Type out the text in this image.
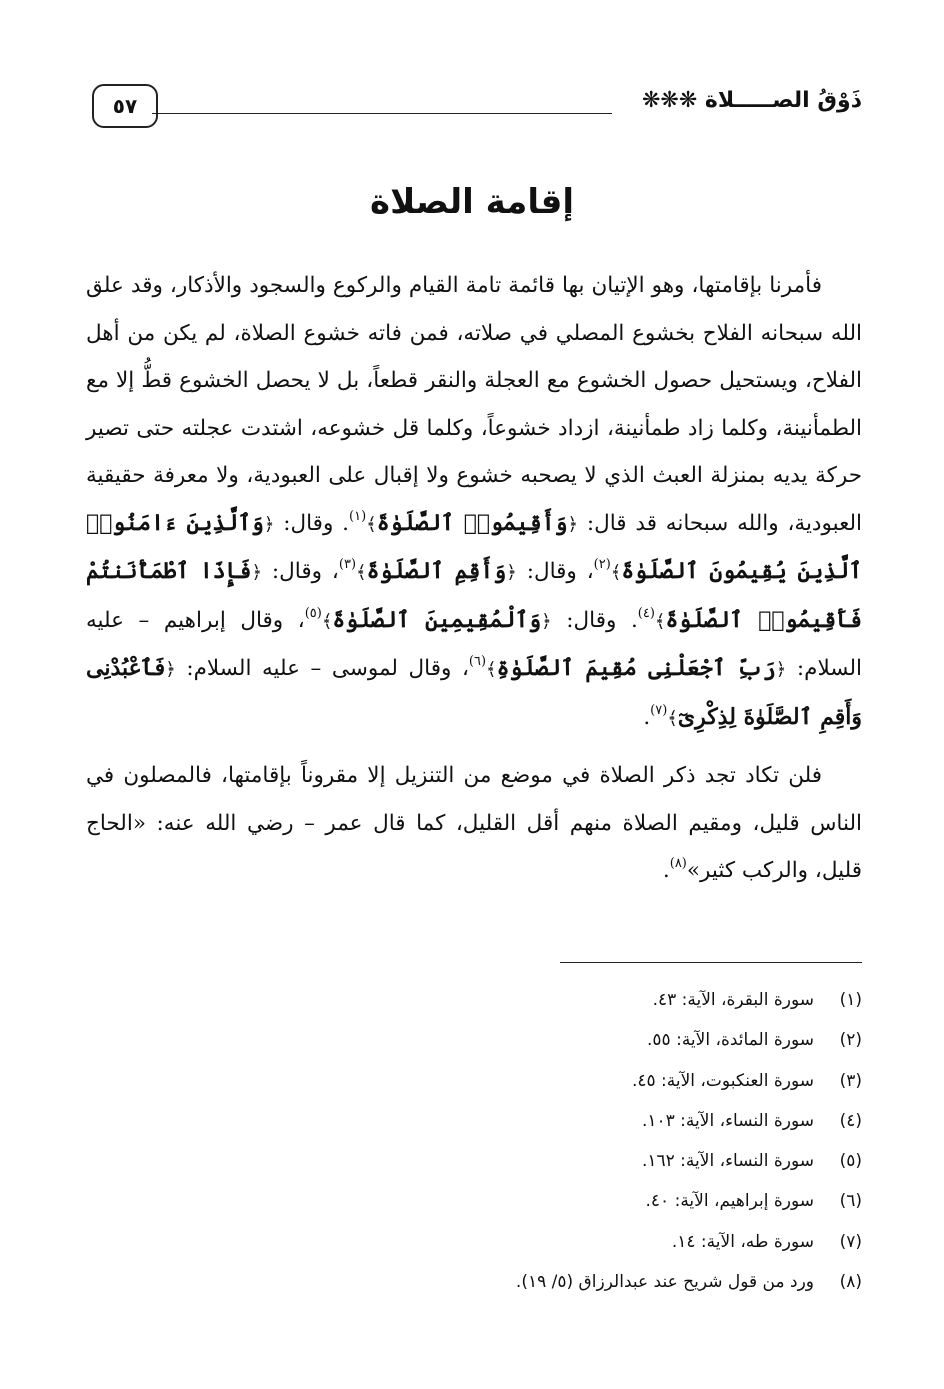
٥٧	ذَوْقُ الصـــــلاة ❋❋❋
إقامة الصلاة

فأمرنا بإقامتها، وهو الإتيان بها قائمة تامة القيام والركوع والسجود والأذكار، وقد علق الله سبحانه الفلاح بخشوع المصلي في صلاته، فمن فاته خشوع الصلاة، لم يكن من أهل الفلاح، ويستحيل حصول الخشوع مع العجلة والنقر قطعاً، بل لا يحصل الخشوع قطُّ إلا مع الطمأنينة، وكلما زاد طمأنينة، ازداد خشوعاً، وكلما قل خشوعه، اشتدت عجلته حتى تصير حركة يديه بمنزلة العبث الذي لا يصحبه خشوع ولا إقبال على العبودية، ولا معرفة حقيقية العبودية، والله سبحانه قد قال: ﴿وَأَقِيمُوا۟ ٱلصَّلَوٰةَ﴾$^{(١)}$. وقال: ﴿وَٱلَّذِينَ ءَامَنُوا۟ ٱلَّذِينَ يُقِيمُونَ ٱلصَّلَوٰةَ﴾$^{(٢)}$، وقال: ﴿وَأَقِمِ ٱلصَّلَوٰةَ﴾$^{(٣)}$، وقال: ﴿فَإِذَا ٱطْمَأْنَنتُمْ فَأَقِيمُوا۟ ٱلصَّلَوٰةَ﴾$^{(٤)}$. وقال: ﴿وَٱلْمُقِيمِينَ ٱلصَّلَوٰةَ﴾$^{(٥)}$، وقال إبراهيم – عليه السلام: ﴿رَبِّ ٱجْعَلْنِى مُقِيمَ ٱلصَّلَوٰةِ﴾$^{(٦)}$، وقال لموسى – عليه السلام: ﴿فَٱعْبُدْنِى وَأَقِمِ ٱلصَّلَوٰةَ لِذِكْرِىٓ﴾$^{(٧)}$.

فلن تكاد تجد ذكر الصلاة في موضع من التنزيل إلا مقروناً بإقامتها، فالمصلون في الناس قليل، ومقيم الصلاة منهم أقل القليل، كما قال عمر – رضي الله عنه: «الحاج قليل، والركب كثير»$^{(٨)}$.

(١)سورة البقرة، الآية: ٤٣.
(٢)سورة المائدة، الآية: ٥٥.
(٣)سورة العنكبوت، الآية: ٤٥.
(٤)سورة النساء، الآية: ١٠٣.
(٥)سورة النساء، الآية: ١٦٢.
(٦)سورة إبراهيم، الآية: ٤٠.
(٧)سورة طه، الآية: ١٤.
(٨)ورد من قول شريح عند عبدالرزاق (٥/ ١٩).
